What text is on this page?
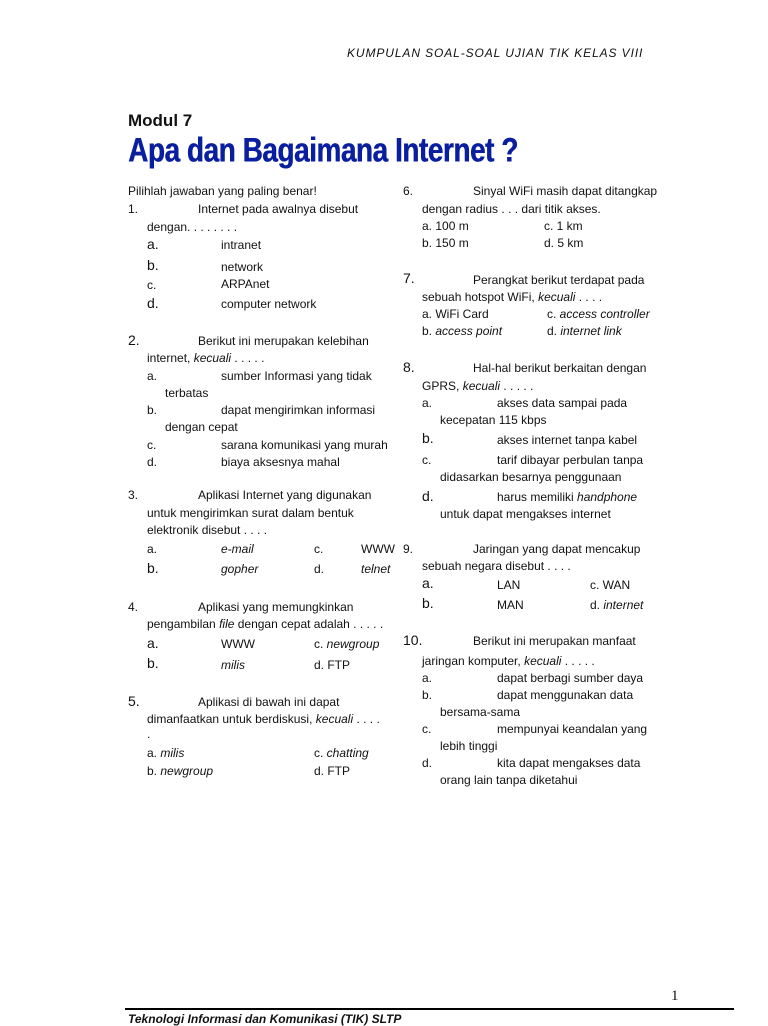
KUMPULAN SOAL-SOAL UJIAN TIK KELAS VIII
Modul 7
Apa dan Bagaimana Internet ?
Pilihlah jawaban yang paling benar!
1.	Internet pada awalnya disebut
dengan. . . . . . . .
a.	intranet
b.	network
c.	ARPAnet
d.	computer network
2.	Berikut ini merupakan kelebihan
internet, kecuali . . . . .
a.	sumber Informasi yang tidak
terbatas
b.	dapat mengirimkan informasi
dengan cepat
c.	sarana komunikasi yang murah
d.	biaya aksesnya mahal
3.	Aplikasi Internet yang digunakan
untuk mengirimkan surat dalam bentuk
elektronik disebut . . . .
a.	e-mail	c.	WWW
b.	gopher	d.	telnet
4.	Aplikasi yang memungkinkan
pengambilan file dengan cepat adalah . . . . .
a.	WWW	c. newgroup
b.	milis	d. FTP
5.	Aplikasi di bawah ini dapat
dimanfaatkan untuk berdiskusi, kecuali . . . .
.
a. milis	c. chatting
b. newgroup	d. FTP
6.	Sinyal WiFi masih dapat ditangkap
dengan radius . . . dari titik akses.
a. 100 m	c. 1 km
b. 150 m	d. 5 km
7.	Perangkat berikut terdapat pada
sebuah hotspot WiFi, kecuali . . . .
a. WiFi Card	c. access controller
b. access point	d. internet link
8.	Hal-hal berikut berkaitan dengan
GPRS, kecuali . . . . .
a.	akses data sampai pada
kecepatan 115 kbps
b.	akses internet tanpa kabel
c.	tarif dibayar perbulan tanpa
didasarkan besarnya penggunaan
d.	harus memiliki handphone
untuk dapat mengakses internet
9.	Jaringan yang dapat mencakup
sebuah negara disebut . . . .
a.	LAN	c. WAN
b.	MAN	d. internet
10.	Berikut ini merupakan manfaat
jaringan komputer, kecuali . . . . .
a.	dapat berbagi sumber daya
b.	dapat menggunakan data
bersama-sama
c.	mempunyai keandalan yang
lebih tinggi
d.	kita dapat mengakses data
orang lain tanpa diketahui
1
Teknologi Informasi dan Komunikasi (TIK) SLTP
